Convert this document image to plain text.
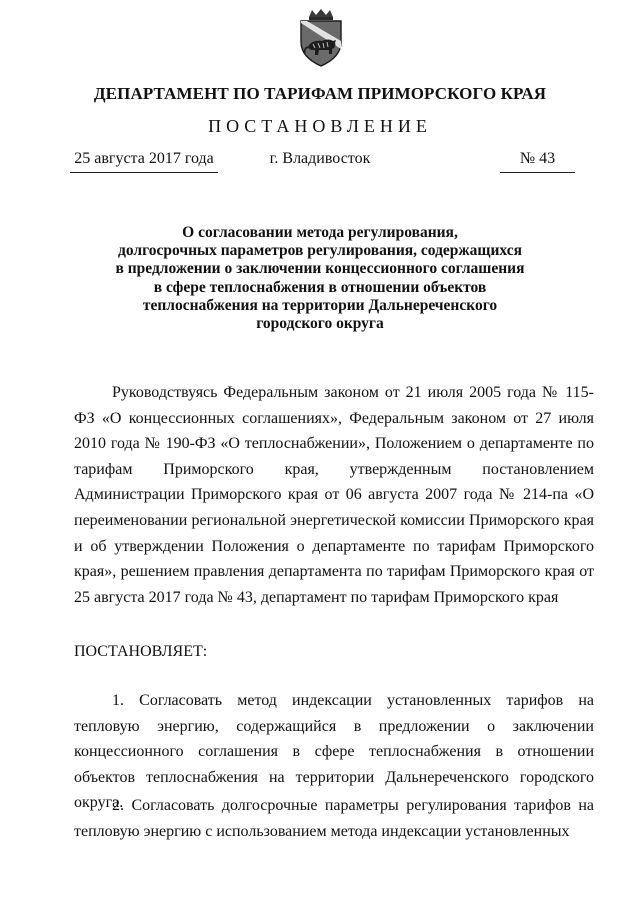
ДЕПАРТАМЕНТ ПО ТАРИФАМ ПРИМОРСКОГО КРАЯ
ПОСТАНОВЛЕНИЕ
25 августа 2017 года	г. Владивосток	№ 43
О согласовании метода регулирования,
долгосрочных параметров регулирования, содержащихся
в предложении о заключении концессионного соглашения
в сфере теплоснабжения в отношении объектов
теплоснабжения на территории Дальнереченского
городского округа
Руководствуясь Федеральным законом от 21 июля 2005 года № 115-ФЗ «О концессионных соглашениях», Федеральным законом от 27 июля 2010 года № 190-ФЗ «О теплоснабжении», Положением о департаменте по тарифам Приморского края, утвержденным постановлением Администрации Приморского края от 06 августа 2007 года № 214-па «О переименовании региональной энергетической комиссии Приморского края и об утверждении Положения о департаменте по тарифам Приморского края», решением правления департамента по тарифам Приморского края от 25 августа 2017 года № 43, департамент по тарифам Приморского края
ПОСТАНОВЛЯЕТ:
1. Согласовать метод индексации установленных тарифов на тепловую энергию, содержащийся в предложении о заключении концессионного соглашения в сфере теплоснабжения в отношении объектов теплоснабжения на территории Дальнереченского городского округа.
2. Согласовать долгосрочные параметры регулирования тарифов на тепловую энергию с использованием метода индексации установленных
